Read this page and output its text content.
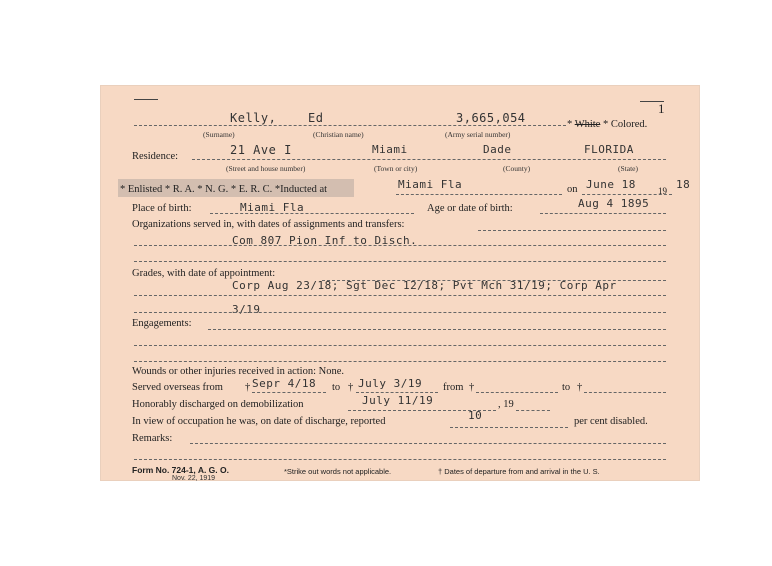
1
Kelly,	Ed	3,665,054	* White * Colored.
(Surname)	(Christian name)	(Army serial number)
Residence:	21 Ave I	Miami	Dade	FLORIDA
(Street and house number)	(Town or city)	(County)	(State)
* Enlisted * R. A. * N. G. * E. R. C. *Inducted at	Miami Fla	on June 18 19 18
Place of birth:	Miami Fla	Age or date of birth:	Aug 4 1895
Organizations served in, with dates of assignments and transfers:
Com 807 Pion Inf to Disch.
Grades, with date of appointment:
Corp Aug 23/18; Sgt Dec 12/18; Pvt Mch 31/19; Corp Apr
3/19
Engagements:
Wounds or other injuries received in action: None.
Served overseas from † Sepr 4/18 to † July 3/19 from †	to †
Honorably discharged on demobilization	July 11/19	, 19
In view of occupation he was, on date of discharge, reported	10	per cent disabled.
Remarks:
Form No. 724-1, A. G. O.
Nov. 22, 1919
*Strike out words not applicable.	† Dates of departure from and arrival in the U. S.
